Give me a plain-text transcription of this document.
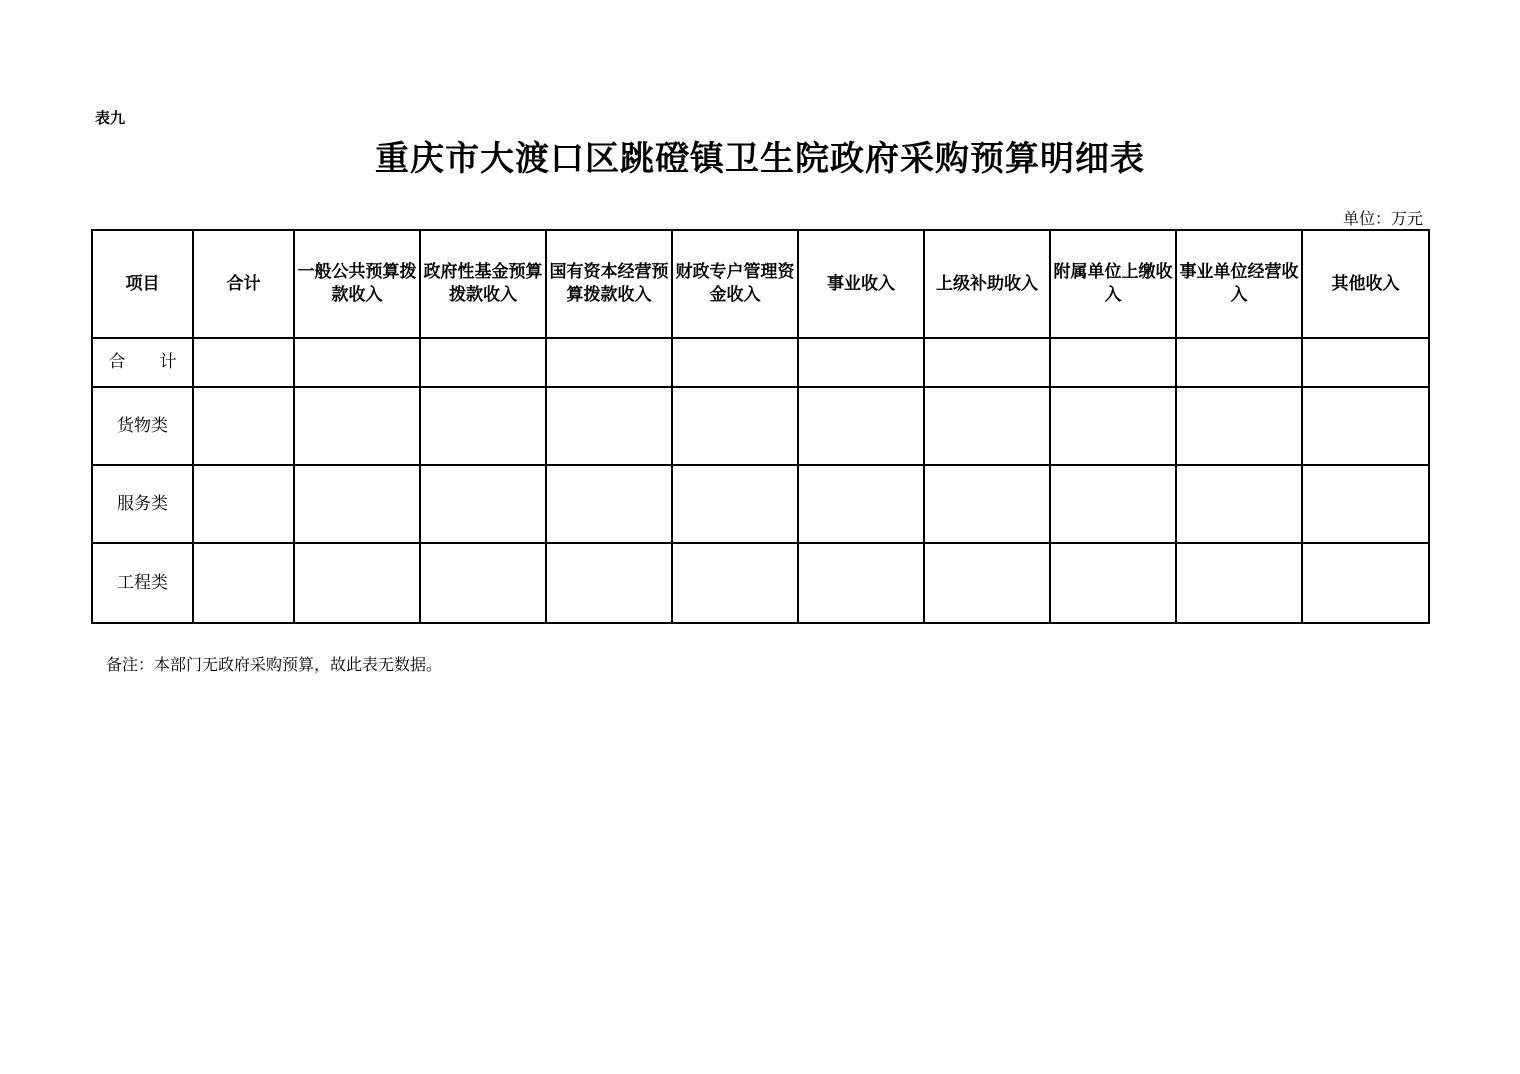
表九
重庆市大渡口区跳磴镇卫生院政府采购预算明细表
单位：万元
项目	合计	一般公共预算拨款收入	政府性基金预算拨款收入	国有资本经营预算拨款收入	财政专户管理资金收入	事业收入	上级补助收入	附属单位上缴收入	事业单位经营收入	其他收入
合　　计										
货物类										
服务类										
工程类										
备注：本部门无政府采购预算，故此表无数据。
